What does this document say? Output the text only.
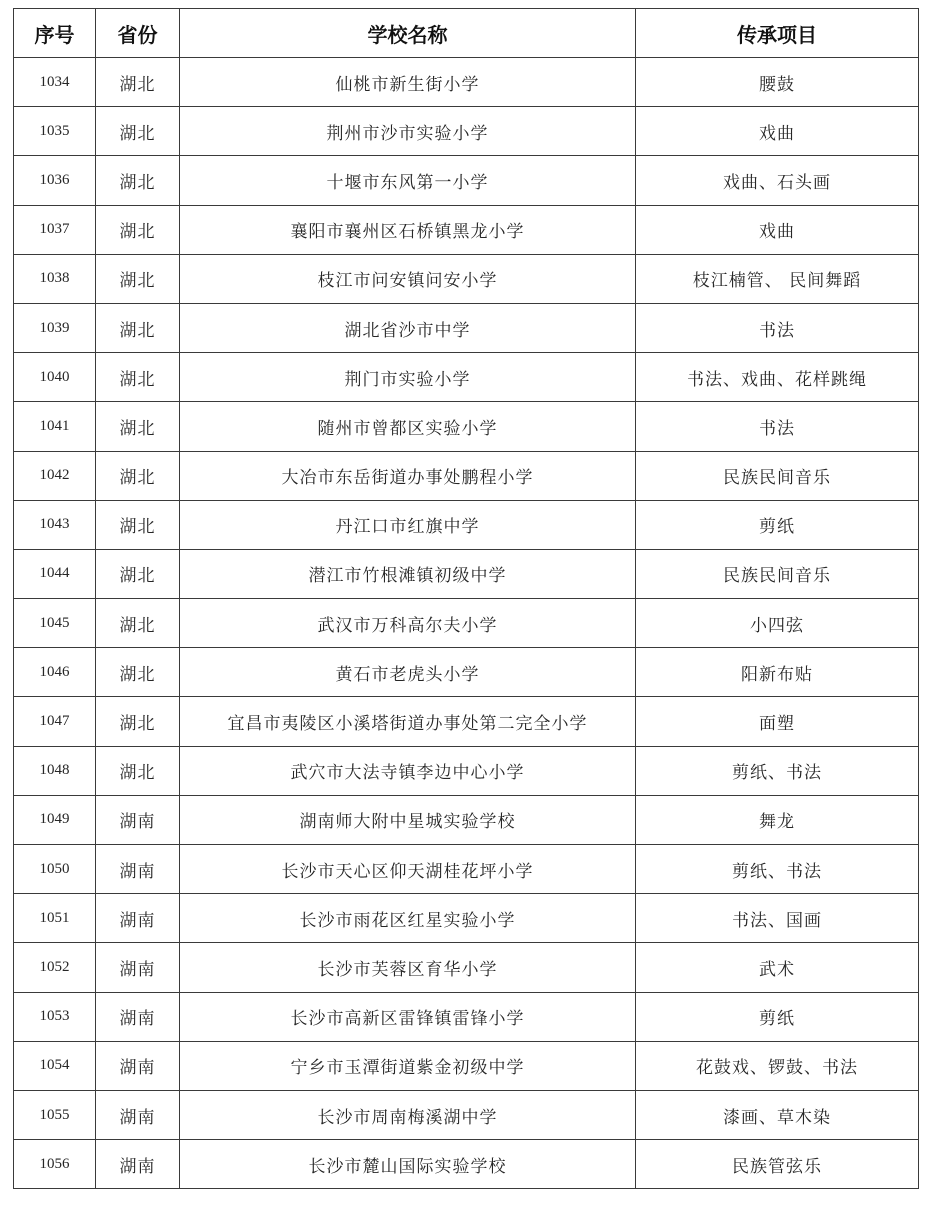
序号	省份	学校名称	传承项目
1034	湖北	仙桃市新生街小学	腰鼓
1035	湖北	荆州市沙市实验小学	戏曲
1036	湖北	十堰市东风第一小学	戏曲、石头画
1037	湖北	襄阳市襄州区石桥镇黑龙小学	戏曲
1038	湖北	枝江市问安镇问安小学	枝江楠管、 民间舞蹈
1039	湖北	湖北省沙市中学	书法
1040	湖北	荆门市实验小学	书法、戏曲、花样跳绳
1041	湖北	随州市曾都区实验小学	书法
1042	湖北	大冶市东岳街道办事处鹏程小学	民族民间音乐
1043	湖北	丹江口市红旗中学	剪纸
1044	湖北	潜江市竹根滩镇初级中学	民族民间音乐
1045	湖北	武汉市万科高尔夫小学	小四弦
1046	湖北	黄石市老虎头小学	阳新布贴
1047	湖北	宜昌市夷陵区小溪塔街道办事处第二完全小学	面塑
1048	湖北	武穴市大法寺镇李边中心小学	剪纸、书法
1049	湖南	湖南师大附中星城实验学校	舞龙
1050	湖南	长沙市天心区仰天湖桂花坪小学	剪纸、书法
1051	湖南	长沙市雨花区红星实验小学	书法、国画
1052	湖南	长沙市芙蓉区育华小学	武术
1053	湖南	长沙市高新区雷锋镇雷锋小学	剪纸
1054	湖南	宁乡市玉潭街道紫金初级中学	花鼓戏、锣鼓、书法
1055	湖南	长沙市周南梅溪湖中学	漆画、草木染
1056	湖南	长沙市麓山国际实验学校	民族管弦乐
